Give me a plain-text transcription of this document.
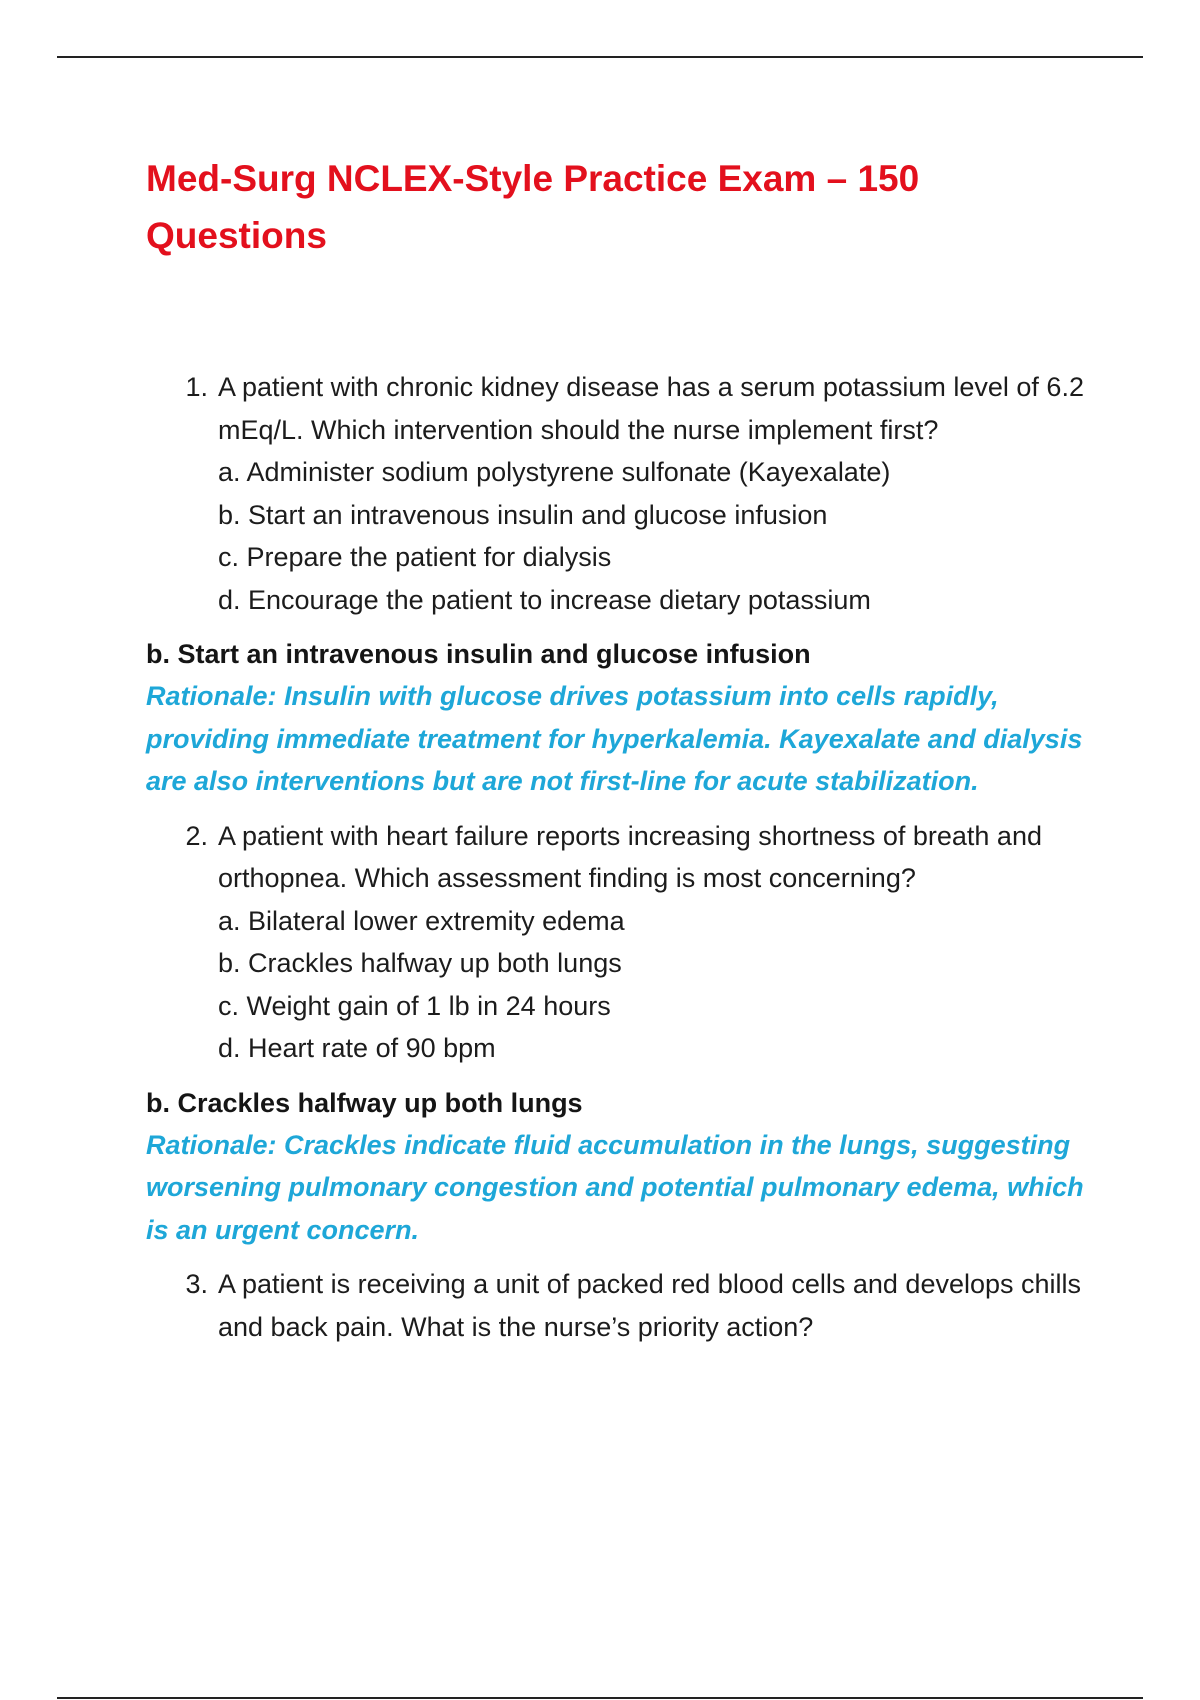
Med-Surg NCLEX-Style Practice Exam – 150 Questions
1. A patient with chronic kidney disease has a serum potassium level of 6.2 mEq/L. Which intervention should the nurse implement first?

a. Administer sodium polystyrene sulfonate (Kayexalate)
b. Start an intravenous insulin and glucose infusion
c. Prepare the patient for dialysis
d. Encourage the patient to increase dietary potassium

b. Start an intravenous insulin and glucose infusion

Rationale: Insulin with glucose drives potassium into cells rapidly, providing immediate treatment for hyperkalemia. Kayexalate and dialysis are also interventions but are not first-line for acute stabilization.

2. A patient with heart failure reports increasing shortness of breath and orthopnea. Which assessment finding is most concerning?

a. Bilateral lower extremity edema
b. Crackles halfway up both lungs
c. Weight gain of 1 lb in 24 hours
d. Heart rate of 90 bpm

b. Crackles halfway up both lungs

Rationale: Crackles indicate fluid accumulation in the lungs, suggesting worsening pulmonary congestion and potential pulmonary edema, which is an urgent concern.

3. A patient is receiving a unit of packed red blood cells and develops chills and back pain. What is the nurse’s priority action?
